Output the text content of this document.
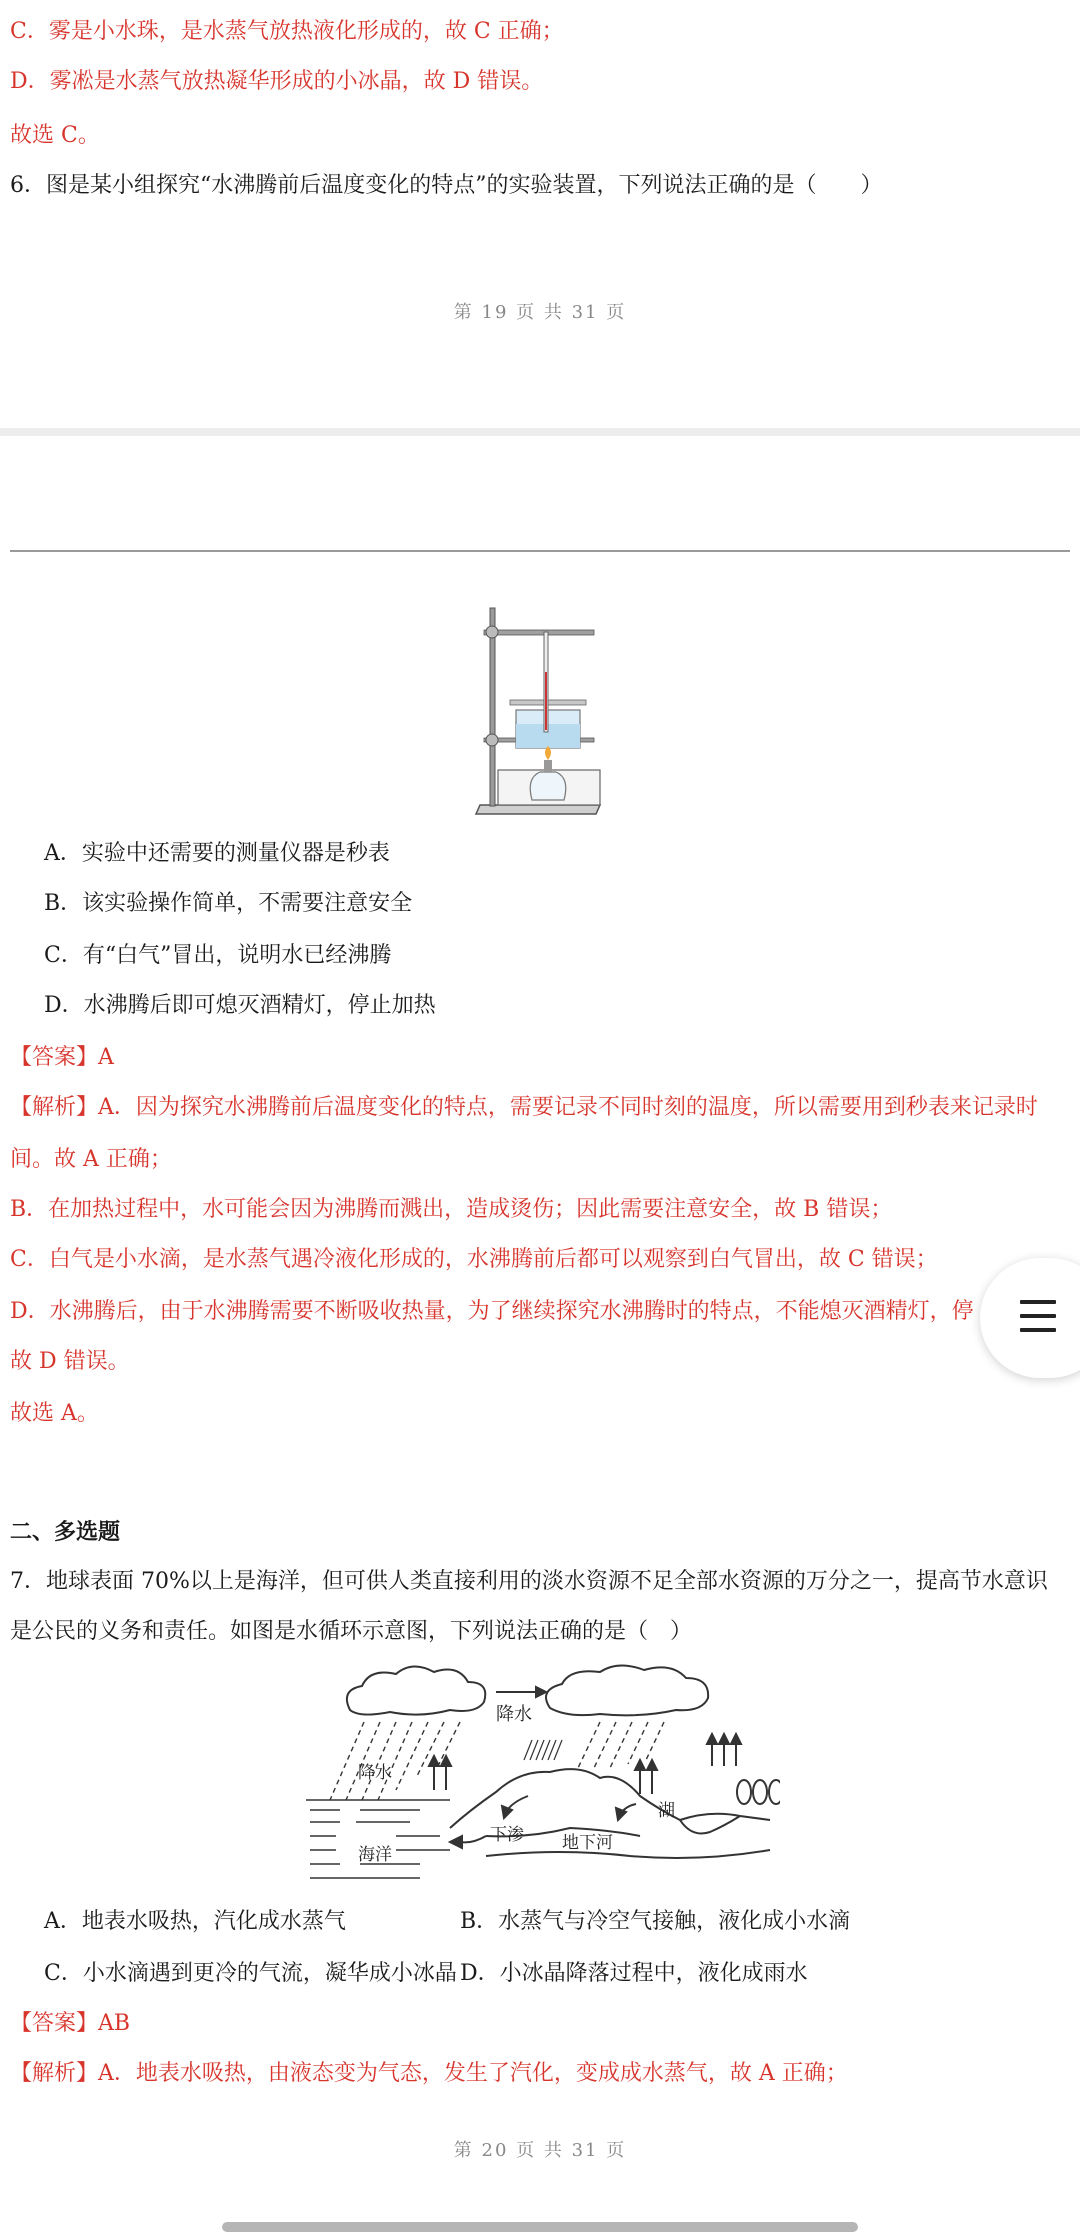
C．雾是小水珠，是水蒸气放热液化形成的，故 C 正确；
D．雾凇是水蒸气放热凝华形成的小冰晶，故 D 错误。
故选 C。
6．图是某小组探究“水沸腾前后温度变化的特点”的实验装置，下列说法正确的是（　　）
第 19 页 共 31 页
A．实验中还需要的测量仪器是秒表
B．该实验操作简单，不需要注意安全
C．有“白气”冒出，说明水已经沸腾
D．水沸腾后即可熄灭酒精灯，停止加热
【答案】A
【解析】A．因为探究水沸腾前后温度变化的特点，需要记录不同时刻的温度，所以需要用到秒表来记录时
间。故 A 正确；
B．在加热过程中，水可能会因为沸腾而溅出，造成烫伤；因此需要注意安全，故 B 错误；
C．白气是小水滴，是水蒸气遇冷液化形成的，水沸腾前后都可以观察到白气冒出，故 C 错误；
D．水沸腾后，由于水沸腾需要不断吸收热量，为了继续探究水沸腾时的特点，不能熄灭酒精灯，停
故 D 错误。
故选 A。
二、多选题
7．地球表面 70%以上是海洋，但可供人类直接利用的淡水资源不足全部水资源的万分之一，提高节水意识
是公民的义务和责任。如图是水循环示意图，下列说法正确的是（　）
降水
降水
海洋
下渗 地下河
湖
A．地表水吸热，汽化成水蒸气	B．水蒸气与冷空气接触，液化成小水滴
C．小水滴遇到更冷的气流，凝华成小冰晶 D．小冰晶降落过程中，液化成雨水
【答案】AB
【解析】A．地表水吸热，由液态变为气态，发生了汽化，变成成水蒸气，故 A 正确；
第 20 页 共 31 页
